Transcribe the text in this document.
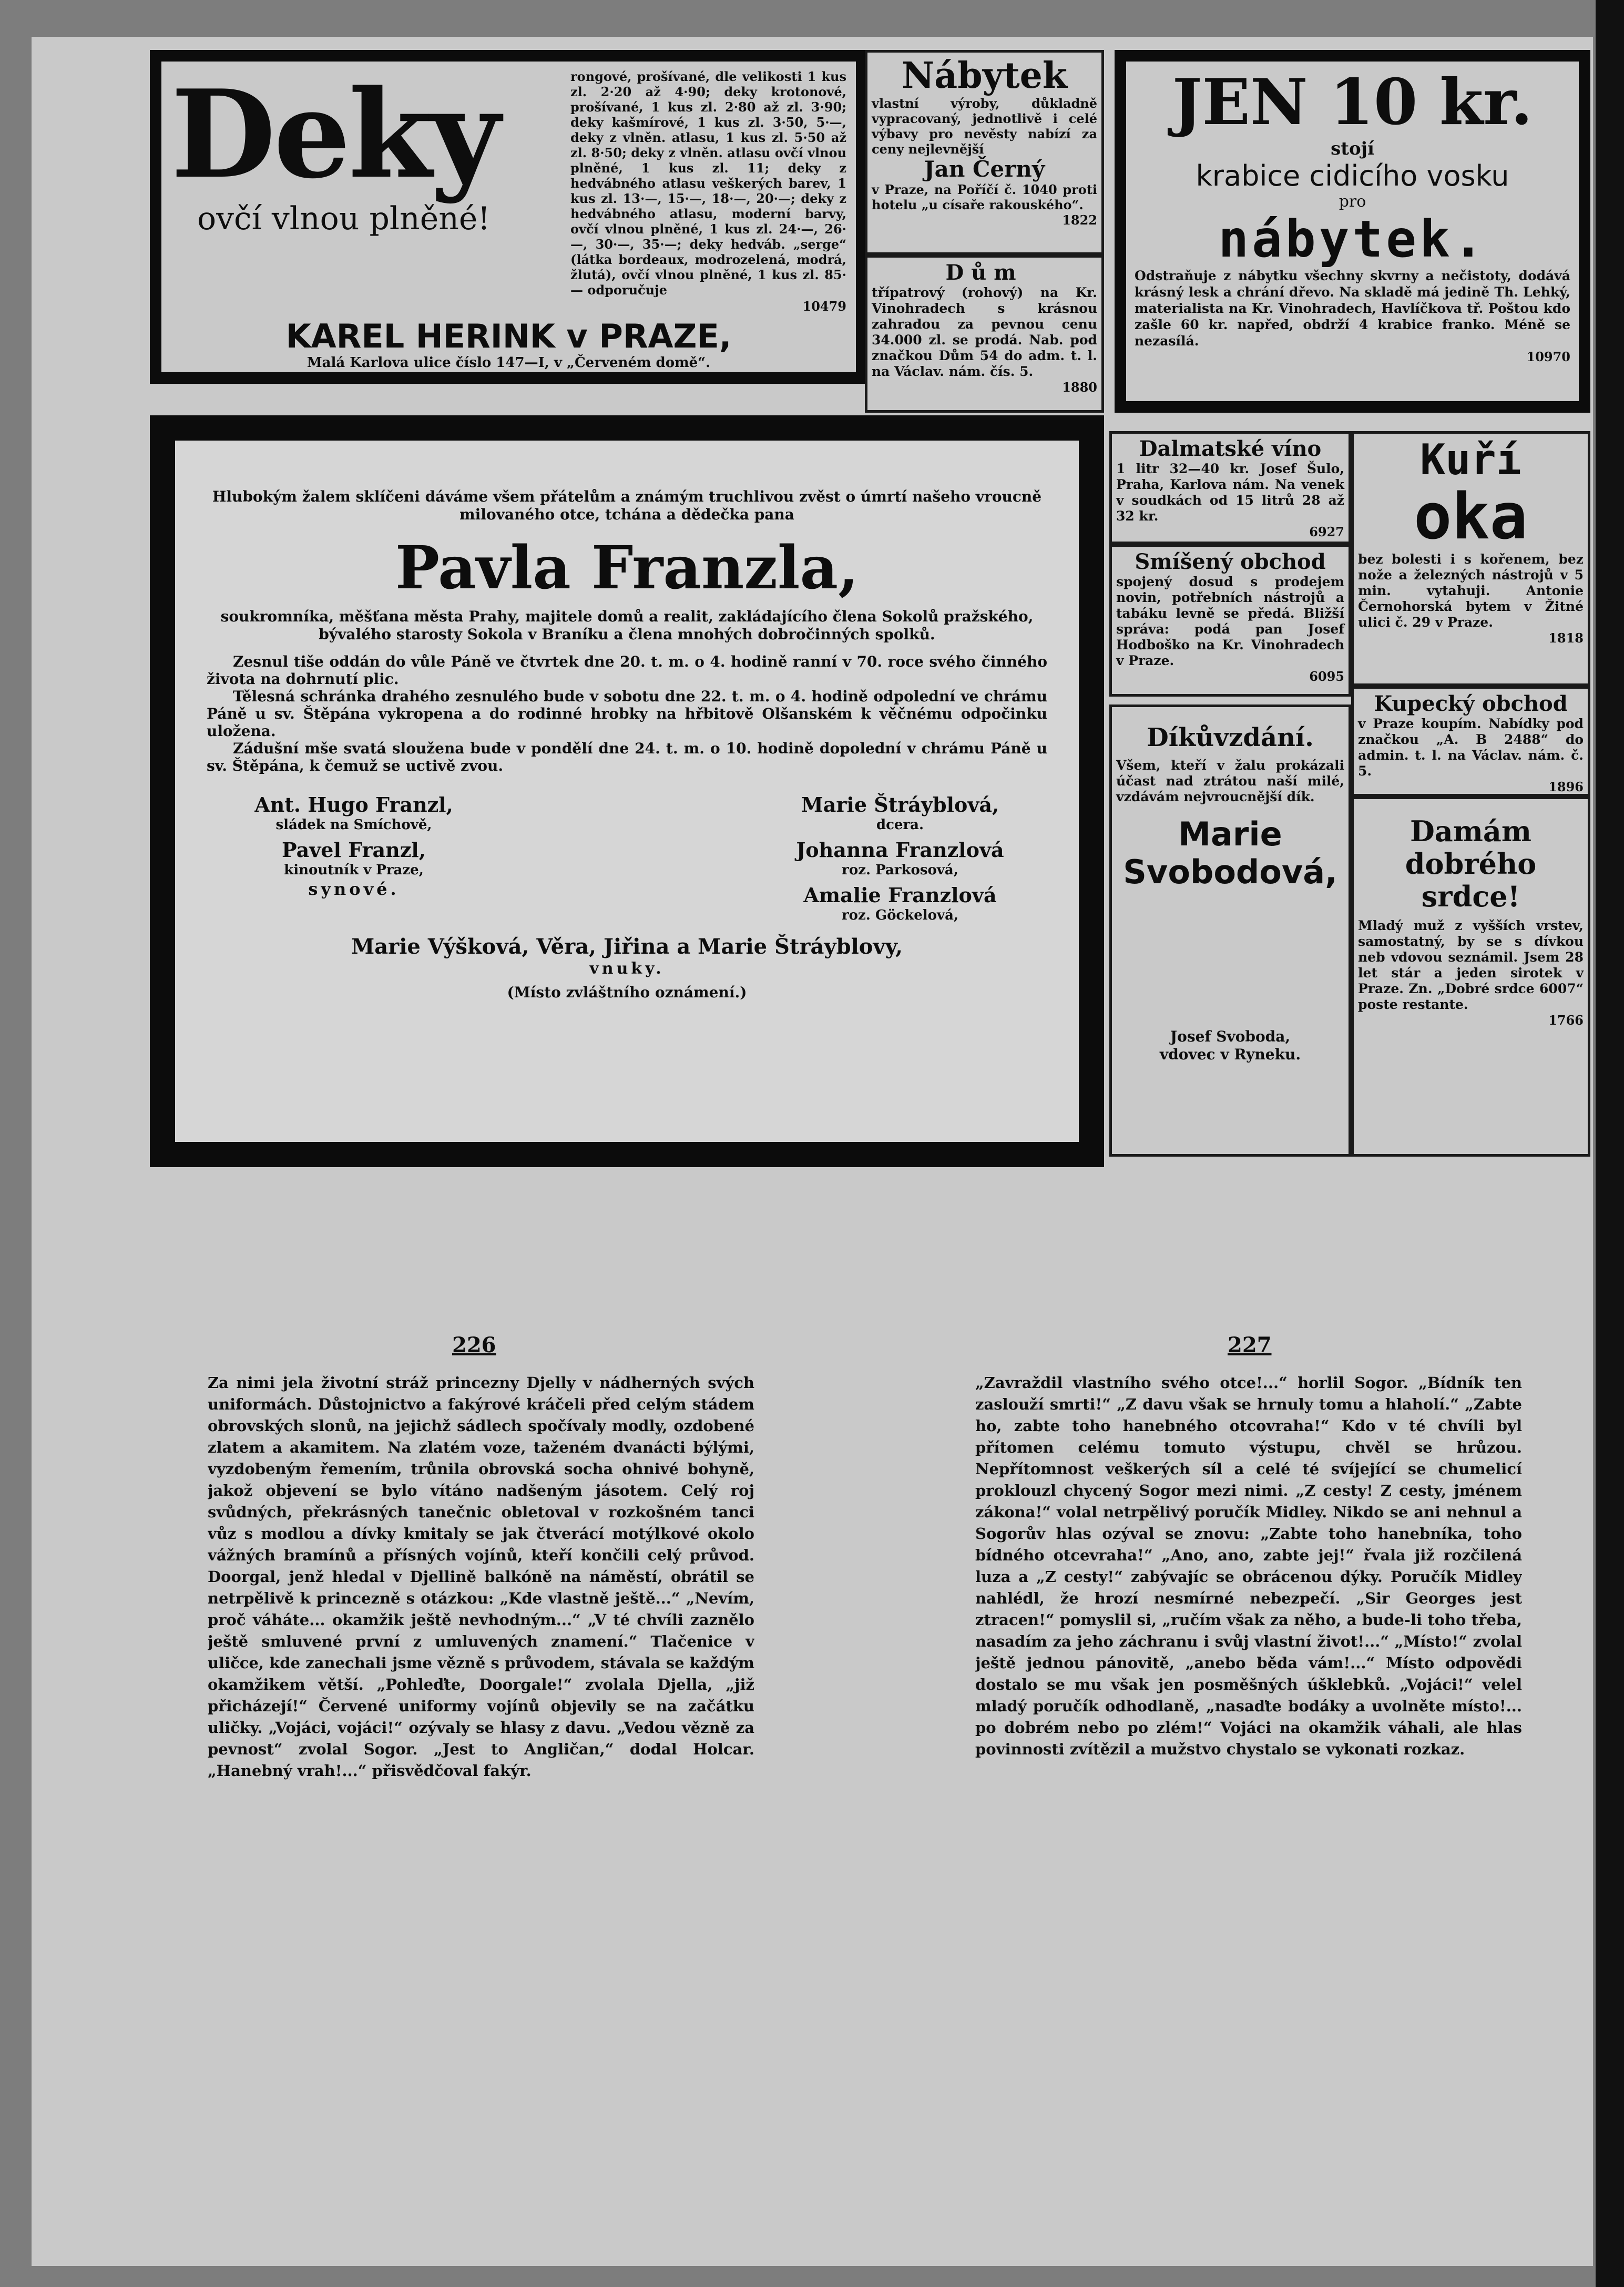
Deky
ovčí vlnou plněné!
rongové, prošívané, dle velikosti 1 kus zl. 2·20 až 4·90; deky krotonové, prošívané, 1 kus zl. 2·80 až zl. 3·90; deky kašmírové, 1 kus zl. 3·50, 5·—, deky z vlněn. atlasu, 1 kus zl. 5·50 až zl. 8·50; deky z vlněn. atlasu ovčí vlnou plněné, 1 kus zl. 11; deky z hedvábného atlasu veškerých barev, 1 kus zl. 13·—, 15·—, 18·—, 20·—; deky z hedvábného atlasu, moderní barvy, ovčí vlnou plněné, 1 kus zl. 24·—, 26·—, 30·—, 35·—; deky hedváb. „serge“ (látka bordeaux, modrozelená, modrá, žlutá), ovčí vlnou plněné, 1 kus zl. 85·— odporučuje
10479
KAREL HERINK v PRAZE,
Malá Karlova ulice číslo 147—I, v „Červeném domě“.
Nábytek
vlastní výroby, důkladně vypracovaný, jednotlivě i celé výbavy pro nevěsty nabízí za ceny nejlevnější
Jan Černý
v Praze, na Poříčí č. 1040 proti hotelu „u císaře rakouského“.
1822
Dům
třípatrový (rohový) na Kr. Vinohradech s krásnou zahradou za pevnou cenu 34.000 zl. se prodá. Nab. pod značkou Dům 54 do adm. t. l. na Václav. nám. čís. 5.
1880
JEN 10 kr.
stojí
krabice cidicího vosku
pro
nábytek.
Odstraňuje z nábytku všechny skvrny a nečistoty, dodává krásný lesk a chrání dřevo. Na skladě má jedině Th. Lehký, materialista na Kr. Vinohradech, Havlíčkova tř. Poštou kdo zašle 60 kr. napřed, obdrží 4 krabice franko. Méně se nezasílá.
10970
Hlubokým žalem sklíčeni dáváme všem přátelům a známým truchlivou zvěst o úmrtí našeho vroucně milovaného otce, tchána a dědečka pana
Pavla Franzla,
soukromníka, měšťana města Prahy, majitele domů a realit, zakládajícího člena Sokolů pražského, bývalého starosty Sokola v Braníku a člena mnohých dobročinných spolků.
Zesnul tiše oddán do vůle Páně ve čtvrtek dne 20. t. m. o 4. hodině ranní v 70. roce svého činného života na dohrnutí plic.
Tělesná schránka drahého zesnulého bude v sobotu dne 22. t. m. o 4. hodině odpolední ve chrámu Páně u sv. Štěpána vykropena a do rodinné hrobky na hřbitově Olšanském k věčnému odpočinku uložena.
Zádušní mše svatá sloužena bude v pondělí dne 24. t. m. o 10. hodině dopolední v chrámu Páně u sv. Štěpána, k čemuž se uctivě zvou.
Ant. Hugo Franzl,
sládek na Smíchově,
Pavel Franzl,
kinoutník v Praze,
synové.
Marie Štráyblová,
dcera.
Johanna Franzlová
roz. Parkosová,
Amalie Franzlová
roz. Göckelová,
Marie Výšková, Věra, Jiřina a Marie Štráyblovy,
vnuky.
(Místo zvláštního oznámení.)
Dalmatské víno
1 litr 32—40 kr. Josef Šulo, Praha, Karlova nám. Na venek v soudkách od 15 litrů 28 až 32 kr.
6927
Kuří
oka
bez bolesti i s kořenem, bez nože a železných nástrojů v 5 min. vytahuji. Antonie Černohorská bytem v Žitné ulici č. 29 v Praze.
1818
Smíšený obchod
spojený dosud s prodejem novin, potřebních nástrojů a tabáku levně se předá. Bližší správa: podá pan Josef Hodboško na Kr. Vinohradech v Praze.
6095
Kupecký obchod
v Praze koupím. Nabídky pod značkou „A. B 2488“ do admin. t. l. na Václav. nám. č. 5.
1896
Díkůvzdání.
Všem, kteří v žalu prokázali účast nad ztrátou naší milé, vzdávám nejvroucnější dík.
Marie Svobodová,
Josef Svoboda,
vdovec v Ryneku.
Damám
dobrého srdce!
Mladý muž z vyšších vrstev, samostatný, by se s dívkou neb vdovou seznámil. Jsem 28 let stár a jeden sirotek v Praze. Zn. „Dobré srdce 6007“ poste restante.
1766
226
Za nimi jela životní stráž princezny Djelly v nádherných svých uniformách. Důstojnictvo a fakýrové kráčeli před celým stádem obrovských slonů, na jejichž sádlech spočívaly modly, ozdobené zlatem a akamitem. Na zlatém voze, taženém dvanácti býlými, vyzdobeným řemením, trůnila obrovská socha ohnivé bohyně, jakož objevení se bylo vítáno nadšeným jásotem. Celý roj svůdných, překrásných tanečnic obletoval v rozkošném tanci vůz s modlou a dívky kmitaly se jak čtverácí motýlkové okolo vážných bramínů a přísných vojínů, kteří končili celý průvod. Doorgal, jenž hledal v Djellině balkóně na náměstí, obrátil se netrpělivě k princezně s otázkou: „Kde vlastně ještě...“ „Nevím, proč váháte... okamžik ještě nevhodným...“ „V té chvíli zaznělo ještě smluvené první z umluvených znamení.“ Tlačenice v uličce, kde zanechali jsme vězně s průvodem, stávala se každým okamžikem větší. „Pohleďte, Doorgale!“ zvolala Djella, „již přicházejí!“ Červené uniformy vojínů objevily se na začátku uličky. „Vojáci, vojáci!“ ozývaly se hlasy z davu. „Vedou vězně za pevnost“ zvolal Sogor. „Jest to Angličan,“ dodal Holcar. „Hanebný vrah!...“ přisvědčoval fakýr.
227
„Zavraždil vlastního svého otce!...“ horlil Sogor. „Bídník ten zaslouží smrti!“ „Z davu však se hrnuly tomu a hlaholí.“ „Zabte ho, zabte toho hanebného otcovraha!“ Kdo v té chvíli byl přítomen celému tomuto výstupu, chvěl se hrůzou. Nepřítomnost veškerých síl a celé té svíjející se chumelicí proklouzl chycený Sogor mezi nimi. „Z cesty! Z cesty, jménem zákona!“ volal netrpělivý poručík Midley. Nikdo se ani nehnul a Sogorův hlas ozýval se znovu: „Zabte toho hanebníka, toho bídného otcevraha!“ „Ano, ano, zabte jej!“ řvala již rozčilená luza a „Z cesty!“ zabývajíc se obrácenou dýky. Poručík Midley nahlédl, že hrozí nesmírné nebezpečí. „Sir Georges jest ztracen!“ pomyslil si, „ručím však za něho, a bude-li toho třeba, nasadím za jeho záchranu i svůj vlastní život!...“ „Místo!“ zvolal ještě jednou pánovitě, „anebo běda vám!...“ Místo odpovědi dostalo se mu však jen posměšných úšklebků. „Vojáci!“ velel mladý poručík odhodlaně, „nasaďte bodáky a uvolněte místo!... po dobrém nebo po zlém!“ Vojáci na okamžik váhali, ale hlas povinnosti zvítězil a mužstvo chystalo se vykonati rozkaz.
